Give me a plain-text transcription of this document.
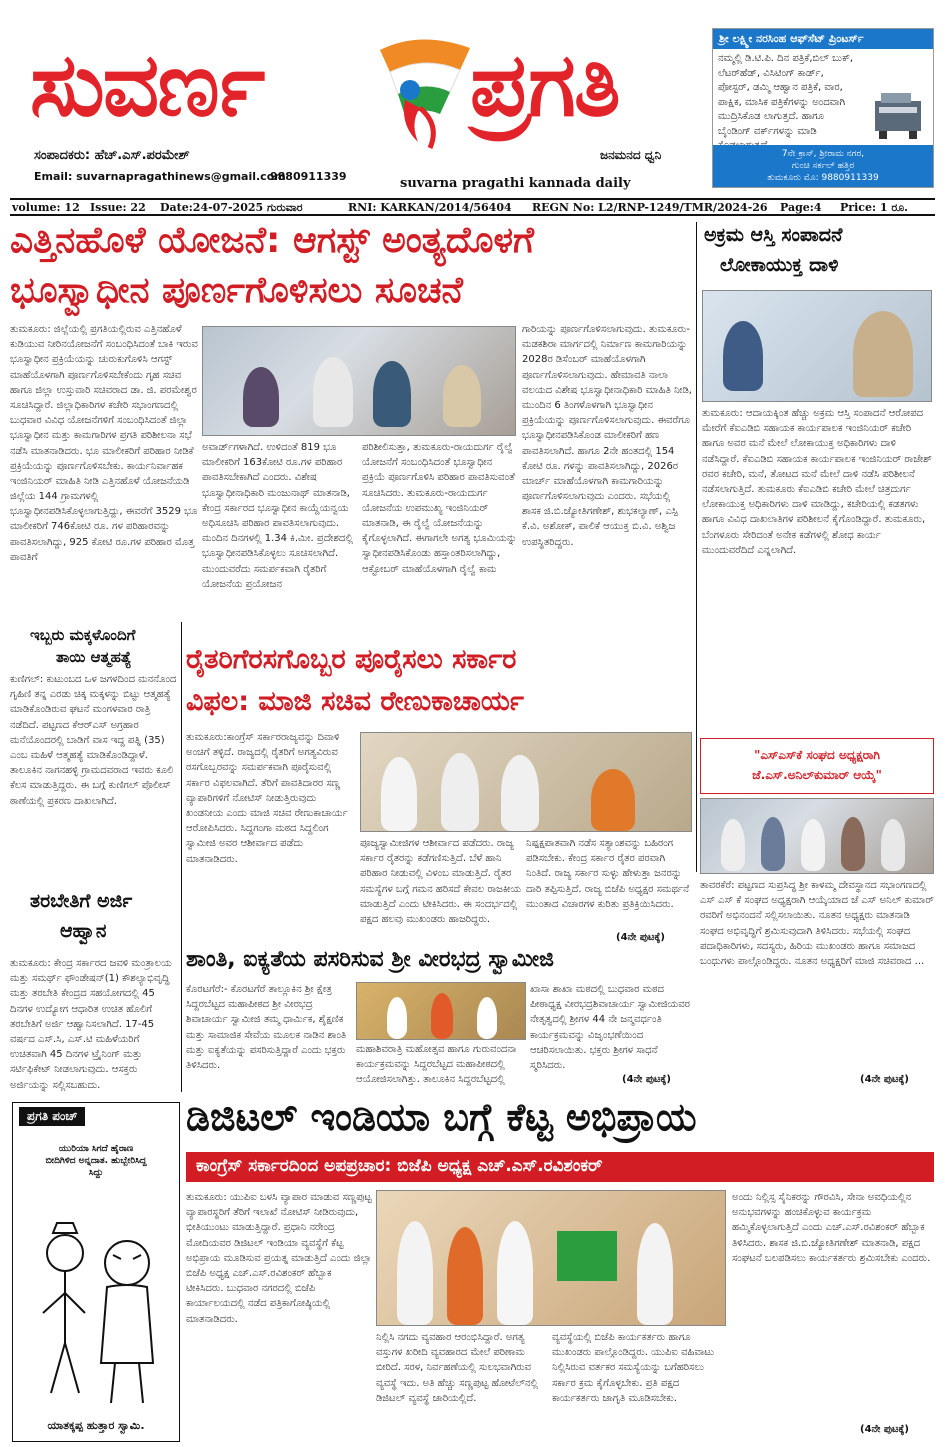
ಸುವರ್ಣ ಪ್ರಗತಿ
ಸಂಪಾದಕರು: ಹೆಚ್.ಎಸ್.ಪರಮೇಶ್	ಜನಮನದ ಧ್ವನಿ
Email: suvarnapragathinews@gmail.com
9880911339	suvarna pragathi kannada daily
ಶ್ರೀ ಲಕ್ಷ್ಮೀ ನರಸಿಂಹ ಆಫ್‌ಸೆಟ್ ಪ್ರಿಂಟರ್ಸ್
ನಮ್ಮಲ್ಲಿ ಡಿ.ಟಿ.ಪಿ. ದಿನ ಪತ್ರಿಕೆ,ಬಿಲ್ ಬುಕ್, ಲೆಟರ್‌ಹೆಡ್, ವಿಸಿಟಿಂಗ್ ಕಾರ್ಡ್, ಪೋಸ್ಟರ್, ಡಮ್ಮಿ ಆಹ್ವಾನ ಪತ್ರಿಕೆ, ವಾರ, ಪಾಕ್ಷಿಕ, ಮಾಸಿಕ ಪತ್ರಿಕೆಗಳನ್ನು ಅಂದವಾಗಿ ಮುದ್ರಿಸಿಕೊಡ ಲಾಗುತ್ತದೆ. ಹಾಗೂ ಬೈಂಡಿಂಗ್ ವರ್ಕ್‌ಗಳನ್ನು ಮಾಡಿ
7ನೇ ಕ್ರಾಸ್, ಶ್ರೀರಾಮ ನಗರ,
ಗುಂಚಿ ಸರ್ಕಲ್ ಹತ್ತಿರ
ತುಮಕೂರು ಮೊ: 9880911339
volume: 12 Issue: 22 Date:24-07-2025 ಗುರುವಾರ	RNI: KARKAN/2014/56404 REGN No: L2/RNP-1249/TMR/2024-26 Page:4 Price: 1 ರೂ.
ಎತ್ತಿನಹೊಳೆ ಯೋಜನೆ: ಆಗಸ್ಟ್ ಅಂತ್ಯದೊಳಗೆ
ಭೂಸ್ವಾಧೀನ ಪೂರ್ಣಗೊಳಿಸಲು ಸೂಚನೆ
ತುಮಕೂರು: ಜಿಲ್ಲೆಯಲ್ಲಿ ಪ್ರಗತಿಯಲ್ಲಿರುವ ಎತ್ತಿನಹೊಳೆ ಕುಡಿಯುವ ನೀರಿನಯೋಜನೆಗೆ ಸಂಬಂಧಿಸಿದಂತೆ ಬಾಕಿ ಇರುವ ಭೂಸ್ವಾಧೀನ ಪ್ರಕ್ರಿಯೆಯನ್ನು ಚುರುಕುಗೊಳಿಸಿ ಆಗಸ್ಟ್ ಮಾಹೆಯೊಳಗಾಗಿ ಪೂರ್ಣಗೊಳಿಸಬೇಕೆಂದು ಗೃಹ ಸಚಿವ ಹಾಗೂ ಜಿಲ್ಲಾ ಉಸ್ತುವಾರಿ ಸಚಿವರಾದ ಡಾ. ಜಿ. ಪರಮೇಶ್ವರ ಸೂಚಿಸಿದ್ದಾರೆ. ಜಿಲ್ಲಾಧಿಕಾರಿಗಳ ಕಚೇರಿ ಸಭಾಂಗಣದಲ್ಲಿ ಬುಧವಾರ ವಿವಿಧ ಯೋಜನೆಗಳಿಗೆ ಸಂಬಂಧಿಸಿದಂತೆ ಜಿಲ್ಲಾ ಭೂಸ್ವಾಧೀನ ಮತ್ತು ಕಾಮಗಾರಿಗಳ ಪ್ರಗತಿ ಪರಿಶೀಲನಾ ಸಭೆ ನಡೆಸಿ ಮಾತನಾಡಿದರು. ಭೂ ಮಾಲೀಕರಿಗೆ ಪರಿಹಾರ ನೀಡಿಕೆ ಪ್ರಕ್ರಿಯೆಯನ್ನು ಪೂರ್ಣಗೊಳಿಸಬೇಕು. ಕಾರ್ಯನಿರ್ವಾಹಕ ಇಂಜಿನಿಯರ್ ಮಾಹಿತಿ ನೀಡಿ ಎತ್ತಿನಹೊಳೆ ಯೋಜನೆಯಡಿ ಜಿಲ್ಲೆಯ 144 ಗ್ರಾಮಗಳಲ್ಲಿ ಭೂಸ್ವಾಧೀನಪಡಿಸಿಕೊಳ್ಳಲಾಗುತ್ತಿದ್ದು, ಈವರೆಗೆ 3529 ಭೂ ಮಾಲೀಕರಿಗೆ 746ಕೋಟಿ ರೂ. ಗಳ ಪರಿಹಾರವನ್ನು ಪಾವತಿಸಲಾಗಿದ್ದು, 925 ಕೋಟಿ ರೂ.ಗಳ ಪರಿಹಾರ ಮೊತ್ತ ಪಾವತಿಗೆ
ಅವಾರ್ಡ್‌ಗಳಾಗಿದೆ. ಉಳಿದಂತೆ 819 ಭೂ ಮಾಲೀಕರಿಗೆ 163ಕೋಟಿ ರೂ.ಗಳ ಪರಿಹಾರ ಪಾವತಿಸಬೇಕಾಗಿದೆ ಎಂದರು. ವಿಶೇಷ ಭೂಸ್ವಾಧೀನಾಧಿಕಾರಿ ಮಂಜುನಾಥ್ ಮಾತನಾಡಿ, ಕೇಂದ್ರ ಸರ್ಕಾರದ ಭೂಸ್ವಾಧೀನ ಕಾಯ್ದೆಯನ್ವಯ ಅಧಿಸೂಚಿಸಿ ಪರಿಹಾರ ಪಾವತಿಸಲಾಗುವುದು. ಮಂದಿನ ದಿನಗಳಲ್ಲಿ 1.34 ಕಿ.ಮೀ. ಪ್ರದೇಶದಲ್ಲಿ ಭೂಸ್ವಾಧೀನಪಡಿಸಿಕೊಳ್ಳಲು ಸೂಚಿಸಲಾಗಿದೆ. ಮುಂದುವರೆದು ಸಮರ್ಪಕವಾಗಿ ರೈತರಿಗೆ ಯೋಜನೆಯ ಪ್ರಯೋಜನ
ಪರಿಶೀಲಿಸುತ್ತಾ, ತುಮಕೂರು-ರಾಯದುರ್ಗ ರೈಲ್ವೆ ಯೋಜನೆಗೆ ಸಂಬಂಧಿಸಿದಂತೆ ಭೂಸ್ವಾಧೀನ ಪ್ರಕ್ರಿಯೆ ಪೂರ್ಣಗೊಳಿಸಿ ಪರಿಹಾರ ಪಾವತಿಸುವಂತೆ ಸೂಚಿಸಿದರು. ತುಮಕೂರು-ರಾಯದುರ್ಗ ಯೋಜನೆಯ ಉಪಮುಖ್ಯ ಇಂಜಿನಿಯರ್ ಮಾತನಾಡಿ, ಈ ರೈಲ್ವೆ ಯೋಜನೆಯನ್ನು ಕೈಗೊಳ್ಳಲಾಗಿದೆ. ಈಗಾಗಲೇ ಅಗತ್ಯ ಭೂಮಿಯನ್ನು ಸ್ವಾಧೀನಪಡಿಸಿಕೊಂಡು ಹಸ್ತಾಂತರಿಸಲಾಗಿದ್ದು, ಆಕ್ಟೋಬರ್ ಮಾಹೆಯೊಳಗಾಗಿ ರೈಲ್ವೆ ಕಾಮ
ಗಾರಿಯನ್ನು ಪೂರ್ಣಗೊಳಿಸಲಾಗುವುದು. ತುಮಕೂರು-ಮಡಕಶಿರಾ ಮಾರ್ಗದಲ್ಲಿ ನಿರ್ಮಾಣ ಕಾಮಗಾರಿಯನ್ನು 2028ರ ಡಿಸೆಂಬರ್ ಮಾಹೆಯೊಳಗಾಗಿ ಪೂರ್ಣಗೊಳಿಸಲಾಗುವುದು. ಹೇಮಾವತಿ ನಾಲಾ ವಲಯದ ವಿಶೇಷ ಭೂಸ್ವಾಧೀನಾಧಿಕಾರಿ ಮಾಹಿತಿ ನೀಡಿ, ಮುಂದಿನ 6 ತಿಂಗಳೊಳಗಾಗಿ ಭೂಸ್ವಾಧೀನ ಪ್ರಕ್ರಿಯೆಯನ್ನು ಪೂರ್ಣಗೊಳಿಸಲಾಗುವುದು. ಈವರೆಗೂ ಭೂಸ್ವಾಧೀನಪಡಿಸಿಕೊಂಡ ಮಾಲೀಕರಿಗೆ ಹಣ ಪಾವತಿಸಲಾಗಿದೆ. ಹಾಗೂ 2ನೇ ಹಂತದಲ್ಲಿ 154 ಕೋಟಿ ರೂ. ಗಳನ್ನು ಪಾವತಿಸಲಾಗಿದ್ದು, 2026ರ ಮಾರ್ಚ್ ಮಾಹೆಯೊಳಗಾಗಿ ಕಾಮಗಾರಿಯನ್ನು ಪೂರ್ಣಗೊಳಿಸಲಾಗುವುದು ಎಂದರು. ಸಭೆಯಲ್ಲಿ ಶಾಸಕ ಜಿ.ಬಿ.ಜ್ಯೋತಿಗಣೇಶ್, ಶುಭಕಲ್ಯಾಣ್, ಎಸ್ಪಿ ಕೆ.ವಿ. ಅಶೋಕ್, ಪಾಲಿಕೆ ಆಯುಕ್ತ ಬಿ.ವಿ. ಅಶ್ವಿಜ ಉಪಸ್ಥಿತರಿದ್ದರು.
ಅಕ್ರಮ ಆಸ್ತಿ ಸಂಪಾದನೆ
ಲೋಕಾಯುಕ್ತ ದಾಳಿ
ತುಮಕೂರು: ಆದಾಯಕ್ಕಿಂತ ಹೆಚ್ಚು ಅಕ್ರಮ ಆಸ್ತಿ ಸಂಪಾದನೆ ಆರೋಪದ ಮೇರೆಗೆ ಕೆಐಎಡಿಬಿ ಸಹಾಯಕ ಕಾರ್ಯಪಾಲಕ ಇಂಜಿನಿಯರ್ ಕಚೇರಿ ಹಾಗೂ ಅವರ ಮನೆ ಮೇಲೆ ಲೋಕಾಯುಕ್ತ ಅಧಿಕಾರಿಗಳು ದಾಳಿ ನಡೆಸಿದ್ದಾರೆ. ಕೆಐಎಡಿಬಿ ಸಹಾಯಕ ಕಾರ್ಯಪಾಲಕ ಇಂಜಿನಿಯರ್ ರಾಜೇಶ್ ರವರ ಕಚೇರಿ, ಮನೆ, ತೋಟದ ಮನೆ ಮೇಲೆ ದಾಳಿ ನಡೆಸಿ ಪರಿಶೀಲನೆ ನಡೆಸಲಾಗುತ್ತಿದೆ. ತುಮಕೂರು ಕೆಐಎಡಿಬಿ ಕಚೇರಿ ಮೇಲೆ ಚಿತ್ರದುರ್ಗ ಲೋಕಾಯುಕ್ತ ಅಧಿಕಾರಿಗಳು ದಾಳಿ ಮಾಡಿದ್ದು, ಕಚೇರಿಯಲ್ಲಿ ಕಡತಗಳು ಹಾಗೂ ವಿವಿಧ ದಾಖಲಾತಿಗಳ ಪರಿಶೀಲನೆ ಕೈಗೊಂಡಿದ್ದಾರೆ. ತುಮಕೂರು, ಬೆಂಗಳೂರು ಸೇರಿದಂತೆ ಅನೇಕ ಕಡೆಗಳಲ್ಲಿ ಶೋಧ ಕಾರ್ಯ ಮುಂದುವರೆದಿದೆ ಎನ್ನಲಾಗಿದೆ.
"ಎಸ್‌ಎಸ್‌ಕೆ ಸಂಘದ ಅಧ್ಯಕ್ಷರಾಗಿ
ಜೆ.ಎಸ್.ಅನಿಲ್‌ಕುಮಾರ್ ಆಯ್ಕೆ"
ತಾವರಕೆರೆ: ಪಟ್ಟಣದ ಸುಪ್ರಸಿದ್ಧ ಶ್ರೀ ಕಾಳಮ್ಮ ದೇವಸ್ಥಾನದ ಸಭಾಂಗಣದಲ್ಲಿ ಎಸ್ ಎಸ್ ಕೆ ಸಂಘದ ಅಧ್ಯಕ್ಷರಾಗಿ ಆಯ್ಕೆಯಾದ ಜೆ ಎಸ್ ಅನಿಲ್ ಕುಮಾರ್ ರವರಿಗೆ ಅಭಿನಂದನೆ ಸಲ್ಲಿಸಲಾಯಿತು. ನೂತನ ಅಧ್ಯಕ್ಷರು ಮಾತನಾಡಿ ಸಂಘದ ಅಭಿವೃದ್ಧಿಗೆ ಶ್ರಮಿಸುವುದಾಗಿ ತಿಳಿಸಿದರು. ಸಭೆಯಲ್ಲಿ ಸಂಘದ ಪದಾಧಿಕಾರಿಗಳು, ಸದಸ್ಯರು, ಹಿರಿಯ ಮುಖಂಡರು ಹಾಗೂ ಸಮಾಜದ ಬಂಧುಗಳು ಪಾಲ್ಗೊಂಡಿದ್ದರು. ನೂತನ ಅಧ್ಯಕ್ಷರಿಗೆ ಮಾಜಿ ಸಚಿವರಾದ ...
(4ನೇ ಪುಟಕ್ಕೆ)
ಇಬ್ಬರು ಮಕ್ಕಳೊಂದಿಗೆ
ತಾಯಿ ಆತ್ಮಹತ್ಯೆ
ಕುಣಿಗಲ್: ಕುಟುಂಬದ ಒಳ ಜಗಳದಿಂದ ಮನನೊಂದ ಗೃಹಿಣಿ ತನ್ನ ಎರಡು ಚಿಕ್ಕ ಮಕ್ಕಳನ್ನು ಬಿಟ್ಟು ಆತ್ಮಹತ್ಯೆ ಮಾಡಿಕೊಂಡಿರುವ ಘಟನೆ ಮಂಗಳವಾರ ರಾತ್ರಿ ನಡೆದಿದೆ. ಪಟ್ಟಣದ ಕೆಆರ್‌ಎಸ್ ಅಗ್ರಹಾರ ಮನೆಯೊಂದರಲ್ಲಿ ಬಾಡಿಗೆ ವಾಸ ಇದ್ದ ಪತ್ನಿ (35) ಎಂಬ ಮಹಿಳೆ ಆತ್ಮಹತ್ಯೆ ಮಾಡಿಕೊಂಡಿದ್ದಾಳೆ. ತಾಲೂಕಿನ ನಾಗನಹಳ್ಳಿ ಗ್ರಾಮದವರಾದ ಇವರು ಕೂಲಿ ಕೆಲಸ ಮಾಡುತ್ತಿದ್ದರು. ಈ ಬಗ್ಗೆ ಕುಣಿಗಲ್ ಪೊಲೀಸ್ ಠಾಣೆಯಲ್ಲಿ ಪ್ರಕರಣ ದಾಖಲಾಗಿದೆ.
ತರಬೇತಿಗೆ ಅರ್ಜಿ
ಆಹ್ವಾನ
ತುಮಕೂರು: ಕೇಂದ್ರ ಸರ್ಕಾರದ ಜವಳಿ ಮಂತ್ರಾಲಯ ಮತ್ತು ಸಮರ್ಥ್ ಫೌಂಡೇಷನ್(1) ಕೌಶಲ್ಯಾಭಿವೃದ್ಧಿ ಮತ್ತು ತರಬೇತಿ ಕೇಂದ್ರದ ಸಹಯೋಗದಲ್ಲಿ 45 ದಿನಗಳ ಉದ್ಯೋಗ ಆಧಾರಿತ ಉಚಿತ ಹೊಲಿಗೆ ತರಬೇತಿಗೆ ಅರ್ಜಿ ಆಹ್ವಾನಿಸಲಾಗಿದೆ. 17-45 ವರ್ಷದ ಎಸ್.ಸಿ, ಎಸ್.ಟಿ ಮಹಿಳೆಯರಿಗೆ ಉಚಿತವಾಗಿ 45 ದಿನಗಳ ಟ್ರೈನಿಂಗ್ ಮತ್ತು ಸರ್ಟಿಫಿಕೇಟ್ ನೀಡಲಾಗುವುದು. ಆಸಕ್ತರು ಅರ್ಜಿಯನ್ನು ಸಲ್ಲಿಸಬಹುದು.
ರೈತರಿಗೆರಸಗೊಬ್ಬರ ಪೂರೈಸಲು ಸರ್ಕಾರ
ವಿಫಲ: ಮಾಜಿ ಸಚಿವ ರೇಣುಕಾಚಾರ್ಯ
ತುಮಕೂರು:ಕಾಂಗ್ರೆಸ್ ಸರ್ಕಾರರಾಜ್ಯವನ್ನು ದಿವಾಳಿ ಅಂಚಿಗೆ ತಳ್ಳಿದೆ. ರಾಜ್ಯದಲ್ಲಿ ರೈತರಿಗೆ ಅಗತ್ಯವಿರುವ ರಸಗೊಬ್ಬರವನ್ನು ಸಮರ್ಪಕವಾಗಿ ಪೂರೈಸುವಲ್ಲಿ ಸರ್ಕಾರ ವಿಫಲವಾಗಿದೆ. ತೆರಿಗೆ ಪಾವತಿದಾರರ ಸಣ್ಣ ವ್ಯಾಪಾರಿಗಳಿಗೆ ನೋಟಿಸ್ ನೀಡುತ್ತಿರುವುದು ಖಂಡನೀಯ ಎಂದು ಮಾಜಿ ಸಚಿವ ರೇಣುಕಾಚಾರ್ಯ ಆರೋಪಿಸಿದರು. ಸಿದ್ದಗಂಗಾ ಮಠದ ಸಿದ್ದಲಿಂಗ ಸ್ವಾಮೀಜಿ ಅವರ ಆಶೀರ್ವಾದ ಪಡೆದು ಮಾತನಾಡಿದರು.
ಪೂಜ್ಯಸ್ವಾಮೀಜಿಗಳ ಆಶೀರ್ವಾದ ಪಡೆದರು. ರಾಜ್ಯ ಸರ್ಕಾರ ರೈತರನ್ನು ಕಡೆಗಣಿಸುತ್ತಿದೆ. ಬೆಳೆ ಹಾನಿ ಪರಿಹಾರ ನೀಡುವಲ್ಲಿ ವಿಳಂಬ ಮಾಡುತ್ತಿದೆ. ರೈತರ ಸಮಸ್ಯೆಗಳ ಬಗ್ಗೆ ಗಮನ ಹರಿಸದೆ ಕೇವಲ ರಾಜಕೀಯ ಮಾಡುತ್ತಿದೆ ಎಂದು ಟೀಕಿಸಿದರು. ಈ ಸಂದರ್ಭದಲ್ಲಿ ಪಕ್ಷದ ಹಲವು ಮುಖಂಡರು ಹಾಜರಿದ್ದರು.
ನಿಷ್ಪಕ್ಷಪಾತವಾಗಿ ನಡೆಸ ಸತ್ಯಾಂಶವನ್ನು ಬಹಿರಂಗ ಪಡಿಸಬೇಕು. ಕೇಂದ್ರ ಸರ್ಕಾರ ರೈತರ ಪರವಾಗಿ ನಿಂತಿದೆ. ರಾಜ್ಯ ಸರ್ಕಾರ ಸುಳ್ಳು ಹೇಳುತ್ತಾ ಜನರನ್ನು ದಾರಿ ತಪ್ಪಿಸುತ್ತಿದೆ. ರಾಜ್ಯ ಬಿಜೆಪಿ ಅಧ್ಯಕ್ಷರ ಸಮರ್ಥನೆ ಮುಂತಾದ ವಿಚಾರಗಳ ಕುರಿತು ಪ್ರತಿಕ್ರಿಯಿಸಿದರು.
(4ನೇ ಪುಟಕ್ಕೆ)
ಶಾಂತಿ, ಐಕ್ಯತೆಯ ಪಸರಿಸುವ ಶ್ರೀ ವೀರಭದ್ರ ಸ್ವಾಮೀಜಿ
ಕೊರಟಗೆರೆ:- ಕೊರಟಗೆರೆ ತಾಲ್ಲೂಕಿನ ಶ್ರೀ ಕ್ಷೇತ್ರ ಸಿದ್ದರಬೆಟ್ಟದ ಮಹಾಪೀಠದ ಶ್ರೀ ವೀರಭದ್ರ ಶಿವಾಚಾರ್ಯ ಸ್ವಾಮೀಜಿ ತಮ್ಮ ಧಾರ್ಮಿಕ, ಶೈಕ್ಷಣಿಕ ಮತ್ತು ಸಾಮಾಜಿಕ ಸೇವೆಯ ಮೂಲಕ ನಾಡಿನ ಶಾಂತಿ ಮತ್ತು ಐಕ್ಯತೆಯನ್ನು ಪಸರಿಸುತ್ತಿದ್ದಾರೆ ಎಂದು ಭಕ್ತರು ತಿಳಿಸಿದರು.
ಮಹಾಶಿವರಾತ್ರಿ ಮಹೋತ್ಸವ ಹಾಗೂ ಗುರುವಂದನಾ ಕಾರ್ಯಕ್ರಮವನ್ನು ಸಿದ್ದರಬೆಟ್ಟದ ಮಹಾಪೀಠದಲ್ಲಿ ಆಯೋಜಿಸಲಾಗಿತ್ತು. ತಾಲೂಕಿನ ಸಿದ್ದರಬೆಟ್ಟದಲ್ಲಿ
ಖಾಸಾ ಶಾಖಾ ಮಠದಲ್ಲಿ ಬುಧವಾರ ಮಠದ ಪೀಠಾಧ್ಯಕ್ಷ ವೀರಭದ್ರಶಿವಾಚಾರ್ಯ ಸ್ವಾಮೀಜಿಯವರ ನೇತೃತ್ವದಲ್ಲಿ ಶ್ರೀಗಳ 44 ನೇ ಜನ್ಮವರ್ಧಂತಿ ಕಾರ್ಯಕ್ರಮವನ್ನು ವಿಜೃಂಭಣೆಯಿಂದ ಆಚರಿಸಲಾಯಿತು. ಭಕ್ತರು ಶ್ರೀಗಳ ಸಾಧನೆ ಸ್ಮರಿಸಿದರು.
(4ನೇ ಪುಟಕ್ಕೆ)
ಪ್ರಗತಿ ಪಂಚ್
ಯುರಿಯಾ ಸಿಗದೆ ಹೈರಾಣ ಬೀದಿಗಿಳಿದ ಅನ್ನದಾತ. ಹುಬ್ಬೇರಿಸಿದ್ದ ಸಿದ್ದು
ಯಾತಕ್ಕಪ್ಪ ಹುತ್ತಾರ ಸ್ವಾಮಿ.
ಡಿಜಿಟಲ್ ಇಂಡಿಯಾ ಬಗ್ಗೆ ಕೆಟ್ಟ ಅಭಿಪ್ರಾಯ
ಕಾಂಗ್ರೆಸ್ ಸರ್ಕಾರದಿಂದ ಅಪಪ್ರಚಾರ: ಬಿಜೆಪಿ ಅಧ್ಯಕ್ಷ ಎಚ್.ಎಸ್.ರವಿಶಂಕರ್
ತುಮಕೂರು: ಯುಪಿಐ ಬಳಸಿ ವ್ಯಾಪಾರ ಮಾಡುವ ಸಣ್ಣಪುಟ್ಟ ವ್ಯಾಪಾರಸ್ಥರಿಗೆ ತೆರಿಗೆ ಇಲಾಖೆ ನೋಟಿಸ್ ನೀಡಿರುವುದು, ಭೀತಿಯುಂಟು ಮಾಡುತ್ತಿದ್ದಾರೆ. ಪ್ರಧಾನಿ ನರೇಂದ್ರ ಮೋದಿಯವರ ಡಿಜಿಟಲ್ ಇಂಡಿಯಾ ವ್ಯವಸ್ಥೆಗೆ ಕೆಟ್ಟ ಅಭಿಪ್ರಾಯ ಮೂಡಿಸುವ ಪ್ರಯತ್ನ ಮಾಡುತ್ತಿದೆ ಎಂದು ಜಿಲ್ಲಾ ಬಿಜೆಪಿ ಅಧ್ಯಕ್ಷ ಎಚ್.ಎಸ್.ರವಿಶಂಕರ್ ಹೆಬ್ಬಾಕ ಟೀಕಿಸಿದರು. ಬುಧವಾರ ನಗರದಲ್ಲಿ ಬಿಜೆಪಿ ಕಾರ್ಯಾಲಯದಲ್ಲಿ ನಡೆದ ಪತ್ರಿಕಾಗೋಷ್ಠಿಯಲ್ಲಿ ಮಾತನಾಡಿದರು.
ನಿಲ್ಲಿಸಿ ನಗದು ವ್ಯವಹಾರ ಆರಂಭಿಸಿದ್ದಾರೆ. ಅಗತ್ಯ ವಸ್ತುಗಳ ಖರೀದಿ ವ್ಯವಹಾರದ ಮೇಲೆ ಪರಿಣಾಮ ಬೀರಿದೆ. ಸರಳ, ನಿರ್ವಹಣೆಯಲ್ಲಿ ಸುಲಭವಾಗಿರುವ ವ್ಯವಸ್ಥೆ ಇದು. ಅತಿ ಹೆಚ್ಚು ಸಣ್ಣಪುಟ್ಟ ಹೋಟೆಲ್‌ನಲ್ಲಿ ಡಿಜಿಟಲ್ ವ್ಯವಸ್ಥೆ ಜಾರಿಯಲ್ಲಿದೆ.
ವ್ಯವಸ್ಥೆಯಲ್ಲಿ ಬಿಜೆಪಿ ಕಾರ್ಯಕರ್ತರು ಹಾಗೂ ಮುಖಂಡರು ಪಾಲ್ಗೊಂಡಿದ್ದರು. ಯುಪಿಐ ವಹಿವಾಟು ನಿಲ್ಲಿಸಿರುವ ವರ್ತಕರ ಸಮಸ್ಯೆಯನ್ನು ಬಗೆಹರಿಸಲು ಸರ್ಕಾರ ಕ್ರಮ ಕೈಗೊಳ್ಳಬೇಕು. ಪ್ರತಿ ಪಕ್ಷದ ಕಾರ್ಯಕರ್ತರು ಜಾಗೃತಿ ಮೂಡಿಸಬೇಕು.
ಅಂದು ನಿಲ್ಲಿಸ್ಸ ಸೈನಿಕರನ್ನು ಗೌರವಿಸಿ, ಸೇನಾ ಅವಧಿಯಲ್ಲಿನ ಅನುಭವಗಳನ್ನು ಹಂಚಿಕೊಳ್ಳುವ ಕಾರ್ಯಕ್ರಮ ಹಮ್ಮಿಕೊಳ್ಳಲಾಗುತ್ತಿದೆ ಎಂದು ಎಚ್.ಎಸ್.ರವಿಶಂಕರ್ ಹೆಬ್ಬಾಕ ತಿಳಿಸಿದರು. ಶಾಸಕ ಜಿ.ಬಿ.ಜ್ಯೋತಿಗಣೇಶ್ ಮಾತನಾಡಿ, ಪಕ್ಷದ ಸಂಘಟನೆ ಬಲಪಡಿಸಲು ಕಾರ್ಯಕರ್ತರು ಶ್ರಮಿಸಬೇಕು ಎಂದರು.
(4ನೇ ಪುಟಕ್ಕೆ)
